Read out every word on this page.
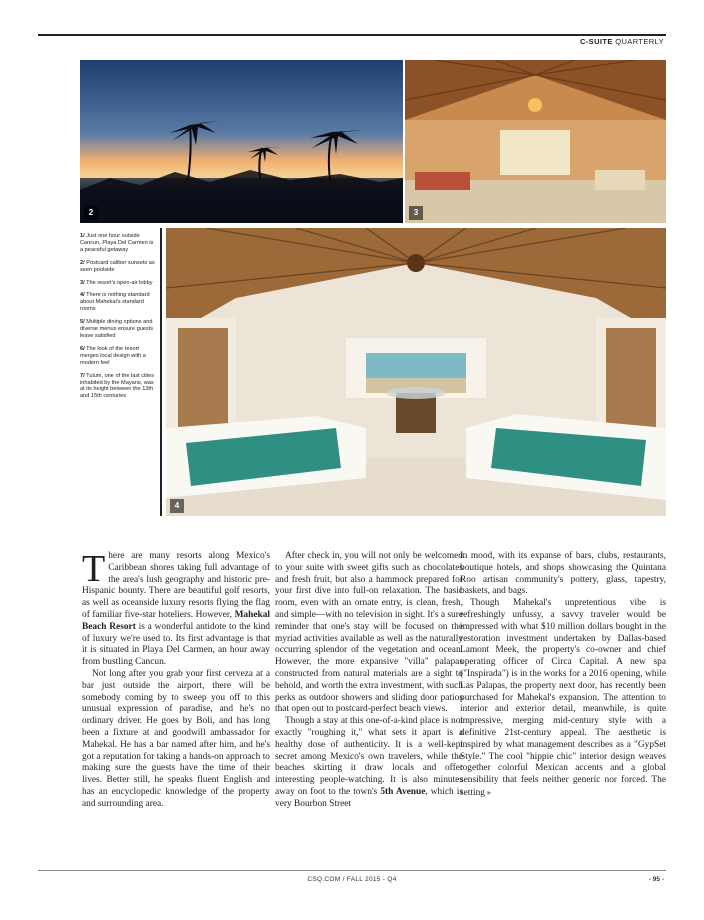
C-SUITE QUARTERLY
2	3
1/ Just one hour outside Cancun, Playa Del Carmen is a peaceful getaway
2/ Postcard caliber sunsets as seen poolside
3/ The resort's open-air lobby
4/ There is nothing standard about Mahekal's standard rooms
5/ Multiple dining options and diverse menus ensure guests leave satisfied
6/ The look of the resort merges local design with a modern feel
7/ Tulum, one of the last cities inhabited by the Mayans, was at its height between the 13th and 15th centuries
4

There are many resorts along Mexico's Caribbean shores taking full advantage of the area's lush geography and historic pre-Hispanic bounty. There are beautiful golf resorts, as well as oceanside luxury resorts flying the flag of familiar five-star hoteliers. However, Mahekal Beach Resort is a wonderful antidote to the kind of luxury we're used to. Its first advantage is that it is situated in Playa Del Carmen, an hour away from bustling Cancun.

Not long after you grab your first cerveza at a bar just outside the airport, there will be somebody coming by to sweep you off to this unusual expression of paradise, and he's no ordinary driver. He goes by Boli, and has long been a fixture at and goodwill ambassador for Mahekal. He has a bar named after him, and he's got a reputation for taking a hands-on approach to making sure the guests have the time of their lives. Better still, he speaks fluent English and has an encyclopedic knowledge of the property and surrounding area.

After check in, you will not only be welcomed to your suite with sweet gifts such as chocolates and fresh fruit, but also a hammock prepared for your first dive into full-on relaxation. The basic room, even with an ornate entry, is clean, fresh, and simple—with no television in sight. It's a sure reminder that one's stay will be focused on the myriad activities available as well as the naturally occurring splendor of the vegetation and ocean. However, the more expansive "villa" palapas constructed from natural materials are a sight to behold, and worth the extra investment, with such perks as outdoor showers and sliding door patios that open out to postcard-perfect beach views.

Though a stay at this one-of-a-kind place is not exactly "roughing it," what sets it apart is a healthy dose of authenticity. It is a well-kept secret among Mexico's own travelers, while the beaches skirting it draw locals and offer interesting people-watching. It is also minutes away on foot to the town's 5th Avenue, which is very Bourbon Street

in mood, with its expanse of bars, clubs, restaurants, boutique hotels, and shops showcasing the Quintana Roo artisan community's pottery, glass, tapestry, baskets, and bags.

Though Mahekal's unpretentious vibe is refreshingly unfussy, a savvy traveler would be impressed with what $10 million dollars bought in the restoration investment undertaken by Dallas-based Lamont Meek, the property's co-owner and chief operating officer of Circa Capital. A new spa ("Inspirada") is in the works for a 2016 opening, while Las Palapas, the property next door, has recently been purchased for Mahekal's expansion. The attention to interior and exterior detail, meanwhile, is quite impressive, merging mid-century style with a definitive 21st-century appeal. The aesthetic is inspired by what management describes as a "GypSet Style." The cool "hippie chic" interior design weaves together colorful Mexican accents and a global sensibility that feels neither generic nor forced. The setting ▸

CSQ.COM / FALL 2015 - Q4	- 95 -
